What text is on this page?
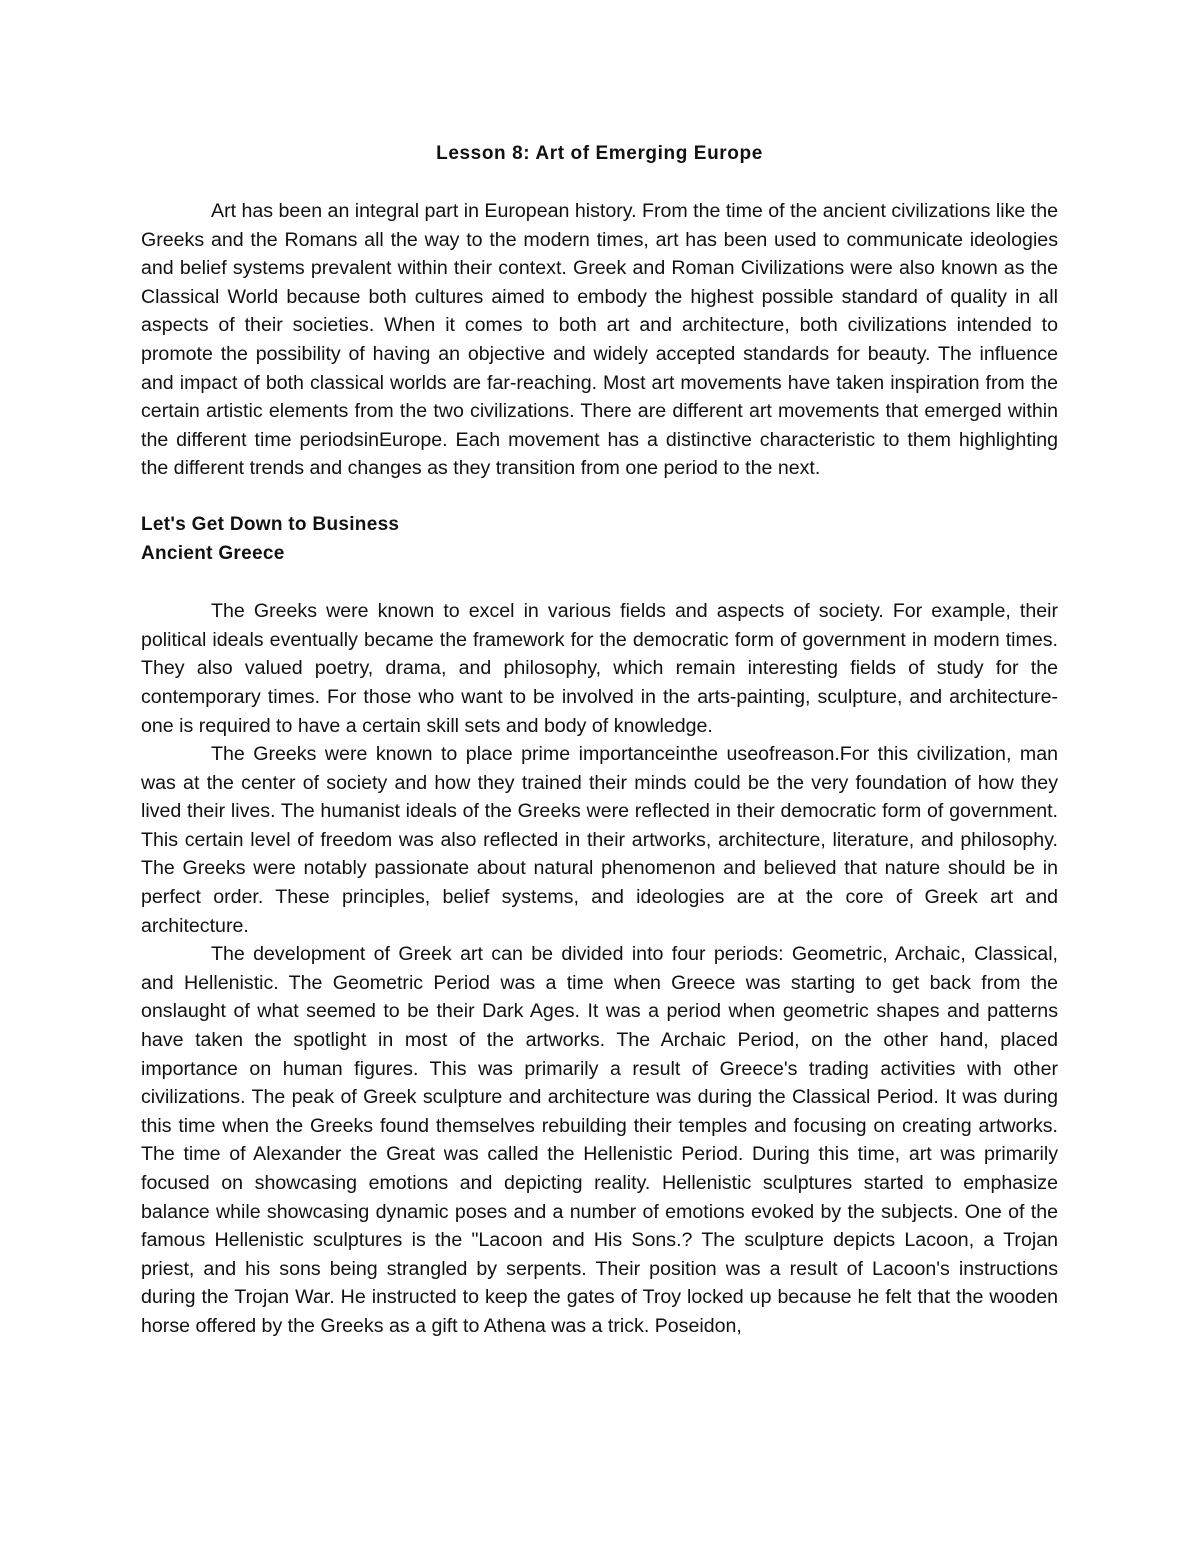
Lesson 8: Art of Emerging Europe

Art has been an integral part in European history. From the time of the ancient civilizations like the Greeks and the Romans all the way to the modern times, art has been used to communicate ideologies and belief systems prevalent within their context. Greek and Roman Civilizations were also known as the Classical World because both cultures aimed to embody the highest possible standard of quality in all aspects of their societies. When it comes to both art and architecture, both civilizations intended to promote the possibility of having an objective and widely accepted standards for beauty. The influence and impact of both classical worlds are far-reaching. Most art movements have taken inspiration from the certain artistic elements from the two civilizations. There are different art movements that emerged within the different time periodsinEurope. Each movement has a distinctive characteristic to them highlighting the different trends and changes as they transition from one period to the next.

Let's Get Down to Business

Ancient Greece

The Greeks were known to excel in various fields and aspects of society. For example, their political ideals eventually became the framework for the democratic form of government in modern times. They also valued poetry, drama, and philosophy, which remain interesting fields of study for the contemporary times. For those who want to be involved in the arts-painting, sculpture, and architecture-one is required to have a certain skill sets and body of knowledge.

The Greeks were known to place prime importanceinthe useofreason.For this civilization, man was at the center of society and how they trained their minds could be the very foundation of how they lived their lives. The humanist ideals of the Greeks were reflected in their democratic form of government. This certain level of freedom was also reflected in their artworks, architecture, literature, and philosophy. The Greeks were notably passionate about natural phenomenon and believed that nature should be in perfect order. These principles, belief systems, and ideologies are at the core of Greek art and architecture.

The development of Greek art can be divided into four periods: Geometric, Archaic, Classical, and Hellenistic. The Geometric Period was a time when Greece was starting to get back from the onslaught of what seemed to be their Dark Ages. It was a period when geometric shapes and patterns have taken the spotlight in most of the artworks. The Archaic Period, on the other hand, placed importance on human figures. This was primarily a result of Greece's trading activities with other civilizations. The peak of Greek sculpture and architecture was during the Classical Period. It was during this time when the Greeks found themselves rebuilding their temples and focusing on creating artworks. The time of Alexander the Great was called the Hellenistic Period. During this time, art was primarily focused on showcasing emotions and depicting reality. Hellenistic sculptures started to emphasize balance while showcasing dynamic poses and a number of emotions evoked by the subjects. One of the famous Hellenistic sculptures is the "Lacoon and His Sons.? The sculpture depicts Lacoon, a Trojan priest, and his sons being strangled by serpents. Their position was a result of Lacoon's instructions during the Trojan War. He instructed to keep the gates of Troy locked up because he felt that the wooden horse offered by the Greeks as a gift to Athena was a trick. Poseidon,
